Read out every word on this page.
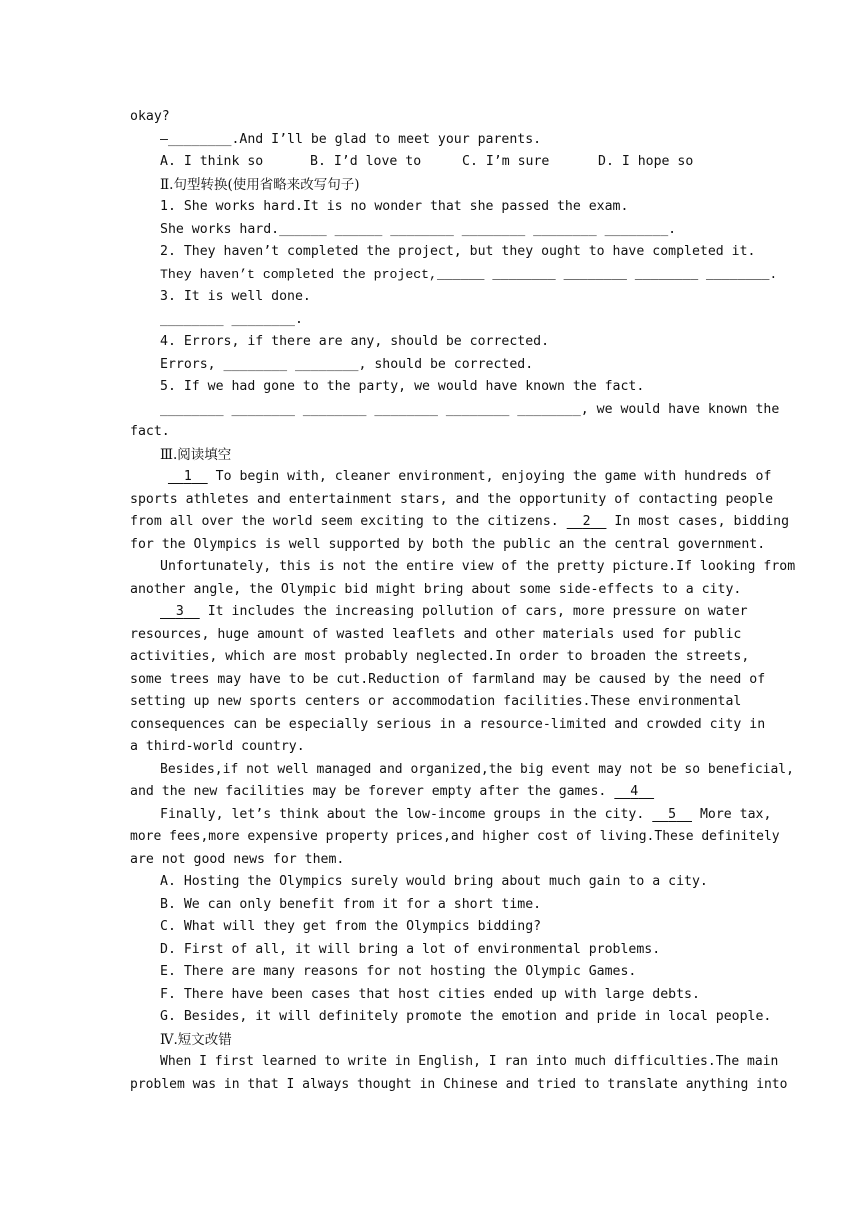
okay?
—________.And I’ll be glad to meet your parents.
A. I think so	B. I’d love to	C. I’m sure	D. I hope so
Ⅱ.句型转换(使用省略来改写句子)
1. She works hard.It is no wonder that she passed the exam.
She works hard.______ ______ ________ ________ ________ ________.
2. They haven’t completed the project, but they ought to have completed it.
They haven’t completed the project,______ ________ ________ ________ ________.
3. It is well done.
________ ________.
4. Errors, if there are any, should be corrected.
Errors, ________ ________, should be corrected.
5. If we had gone to the party, we would have known the fact.
________ ________ ________ ________ ________ ________, we would have known the
fact.
Ⅲ.阅读填空
1 To begin with, cleaner environment, enjoying the game with hundreds of
sports athletes and entertainment stars, and the opportunity of contacting people
from all over the world seem exciting to the citizens. 2 In most cases, bidding
for the Olympics is well supported by both the public an the central government.
Unfortunately, this is not the entire view of the pretty picture.If looking from
another angle, the Olympic bid might bring about some side-effects to a city.
3 It includes the increasing pollution of cars, more pressure on water
resources, huge amount of wasted leaflets and other materials used for public
activities, which are most probably neglected.In order to broaden the streets,
some trees may have to be cut.Reduction of farmland may be caused by the need of
setting up new sports centers or accommodation facilities.These environmental
consequences can be especially serious in a resource-limited and crowded city in
a third-world country.
Besides,if not well managed and organized,the big event may not be so beneficial,
and the new facilities may be forever empty after the games. 4
Finally, let’s think about the low-income groups in the city. 5 More tax,
more fees,more expensive property prices,and higher cost of living.These definitely
are not good news for them.
A. Hosting the Olympics surely would bring about much gain to a city.
B. We can only benefit from it for a short time.
C. What will they get from the Olympics bidding?
D. First of all, it will bring a lot of environmental problems.
E. There are many reasons for not hosting the Olympic Games.
F. There have been cases that host cities ended up with large debts.
G. Besides, it will definitely promote the emotion and pride in local people.
Ⅳ.短文改错
When I first learned to write in English, I ran into much difficulties.The main
problem was in that I always thought in Chinese and tried to translate anything into
